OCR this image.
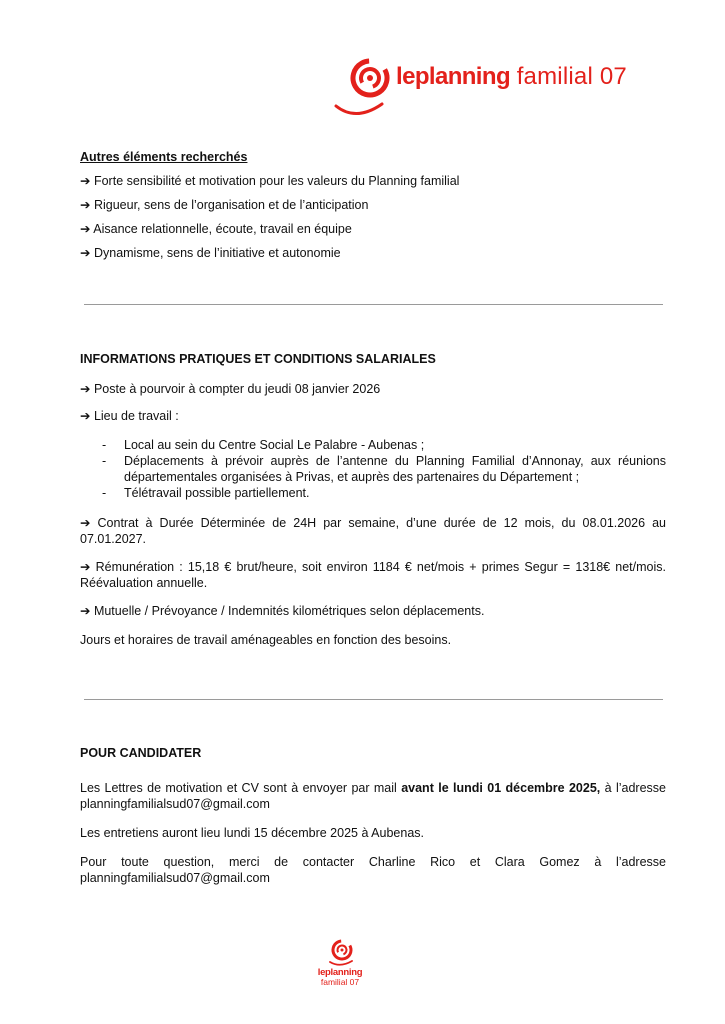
leplanning familial 07
Autres éléments recherchés
➔ Forte sensibilité et motivation pour les valeurs du Planning familial
➔ Rigueur, sens de l’organisation et de l’anticipation
➔ Aisance relationnelle, écoute, travail en équipe
➔ Dynamisme, sens de l’initiative et autonomie
INFORMATIONS PRATIQUES ET CONDITIONS SALARIALES
➔ Poste à pourvoir à compter du jeudi 08 janvier 2026
➔ Lieu de travail :
- Local au sein du Centre Social Le Palabre - Aubenas ;
- Déplacements à prévoir auprès de l’antenne du Planning Familial d’Annonay, aux réunions départementales organisées à Privas, et auprès des partenaires du Département ;
- Télétravail possible partiellement.
➔ Contrat à Durée Déterminée de 24H par semaine, d’une durée de 12 mois, du 08.01.2026 au 07.01.2027.
➔ Rémunération : 15,18 € brut/heure, soit environ 1184 € net/mois + primes Segur = 1318€ net/mois. Réévaluation annuelle.
➔ Mutuelle / Prévoyance / Indemnités kilométriques selon déplacements.
Jours et horaires de travail aménageables en fonction des besoins.
POUR CANDIDATER
Les Lettres de motivation et CV sont à envoyer par mail avant le lundi 01 décembre 2025, à l’adresse planningfamilialsud07@gmail.com
Les entretiens auront lieu lundi 15 décembre 2025 à Aubenas.
Pour toute question, merci de contacter Charline Rico et Clara Gomez à l’adresse planningfamilialsud07@gmail.com
leplanning
familial 07
